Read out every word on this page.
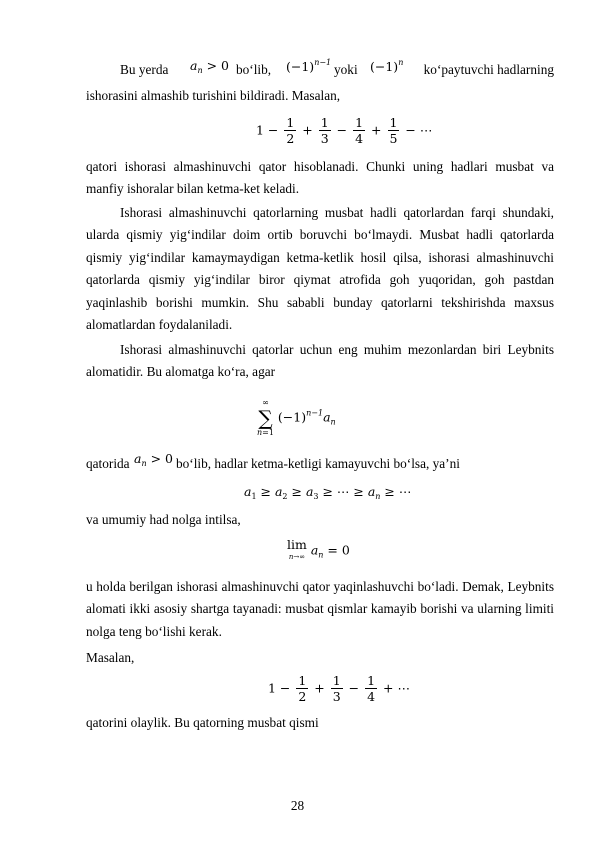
Bu yerda $a_n > 0$ bo‘lib, $(-1)^{n-1}$ yoki $(-1)^n$	ko‘paytuvchi hadlarning
ishorasini almashib turishini bildiradi. Masalan,
$1 - \frac{1}{2} + \frac{1}{3} - \frac{1}{4} + \frac{1}{5}$ − ⋯

qatori ishorasi almashinuvchi qator hisoblanadi. Chunki uning hadlari musbat va manfiy ishoralar bilan ketma-ket keladi.

Ishorasi almashinuvchi qatorlarning musbat hadli qatorlardan farqi shundaki, ularda qismiy yig‘indilar doim ortib boruvchi bo‘lmaydi. Musbat hadli qatorlarda qismiy yig‘indilar kamaymaydigan ketma-ketlik hosil qilsa, ishorasi almashinuvchi qatorlarda qismiy yig‘indilar biror qiymat atrofida goh yuqoridan, goh pastdan yaqinlashib borishi mumkin. Shu sababli bunday qatorlarni tekshirishda maxsus alomatlardan foydalaniladi.

Ishorasi almashinuvchi qatorlar uchun eng muhim mezonlardan biri Leybnits alomatidir. Bu alomatga ko‘ra, agar

∞
∑
n=1
$(-1)^{n-1}a_n$
qatorida $a_n > 0$ bo‘lib, hadlar ketma-ketligi kamayuvchi bo‘lsa, ya’ni
$a_1 \ge a_2 \ge a_3$ ≥ ⋯ ≥ $a_n$ ≥ ⋯
va umumiy had nolga intilsa,
lim
n→∞ $a_n = 0$

u holda berilgan ishorasi almashinuvchi qator yaqinlashuvchi bo‘ladi. Demak, Leybnits alomati ikki asosiy shartga tayanadi: musbat qismlar kamayib borishi va ularning limiti nolga teng bo‘lishi kerak.

Masalan,
$1 - \frac{1}{2} + \frac{1}{3} - \frac{1}{4}$ + ⋯
qatorini olaylik. Bu qatorning musbat qismi
28
